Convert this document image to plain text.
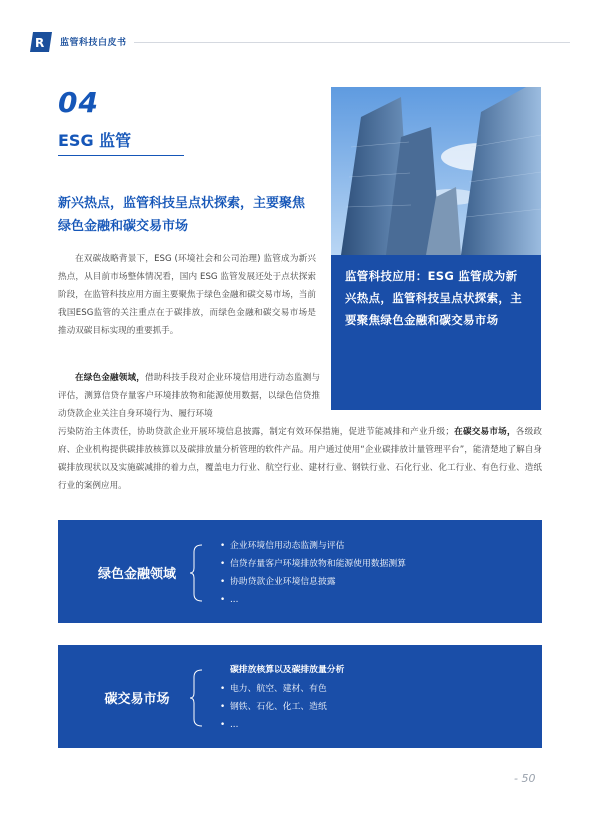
R 监管科技白皮书
04
ESG 监管

监管科技应用：ESG 监管成为新兴热点，监管科技呈点状探索，主要聚焦绿色金融和碳交易市场

新兴热点，监管科技呈点状探索，主要聚焦绿色金融和碳交易市场

在双碳战略背景下，ESG (环境社会和公司治理) 监管成为新兴热点，从目前市场整体情况看，国内 ESG 监管发展还处于点状探索阶段，在监管科技应用方面主要聚焦于绿色金融和碳交易市场，当前我国ESG监管的关注重点在于碳排放，而绿色金融和碳交易市场是推动双碳目标实现的重要抓手。

在绿色金融领域，借助科技手段对企业环境信用进行动态监测与评估，测算信贷存量客户环境排放物和能源使用数据，以绿色信贷推动贷款企业关注自身环境行为、履行环境

污染防治主体责任，协助贷款企业开展环境信息披露，制定有效环保措施，促进节能减排和产业升级；在碳交易市场，各级政府、企业机构提供碳排放核算以及碳排放量分析管理的软件产品。用户通过使用“企业碳排放计量管理平台”，能清楚地了解自身碳排放现状以及实施碳减排的着力点，覆盖电力行业、航空行业、建材行业、钢铁行业、石化行业、化工行业、有色行业、造纸行业的案例应用。

绿色金融领域
• 企业环境信用动态监测与评估
• 信贷存量客户环境排放物和能源使用数据测算
• 协助贷款企业环境信息披露
• ...
碳交易市场
碳排放核算以及碳排放量分析
• 电力、航空、建材、有色
• 钢铁、石化、化工、造纸
• ...
- 50
